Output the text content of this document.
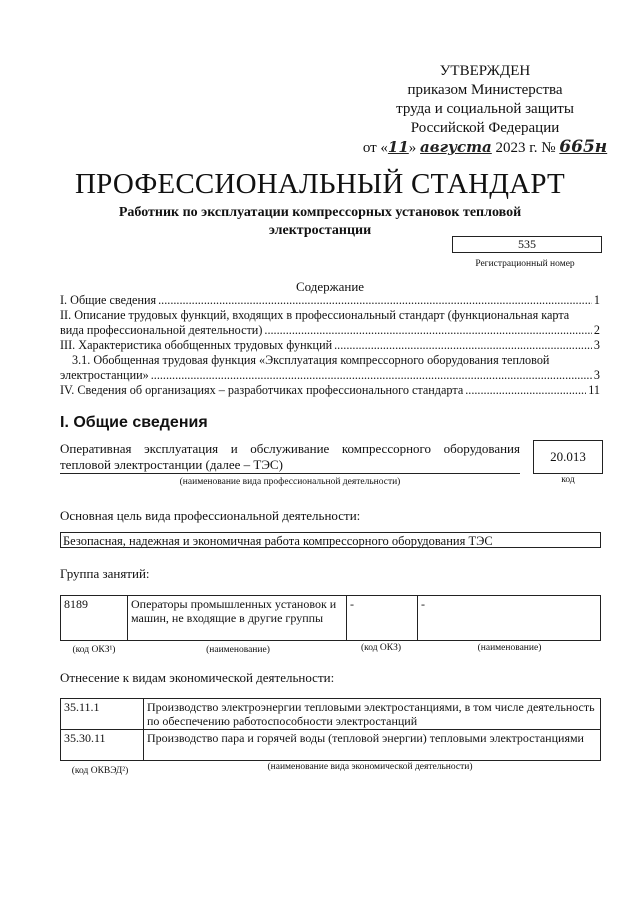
УТВЕРЖДЕН
приказом Министерства
труда и социальной защиты
Российской Федерации
от «11» августа 2023 г. № 665н
ПРОФЕССИОНАЛЬНЫЙ СТАНДАРТ
Работник по эксплуатации компрессорных установок тепловой
электростанции
535
Регистрационный номер
Содержание
I. Общие сведения .....	1
II. Описание трудовых функций, входящих в профессиональный стандарт (функциональная карта
вида профессиональной деятельности) .....	2
III. Характеристика обобщенных трудовых функций .....	3
3.1. Обобщенная трудовая функция «Эксплуатация компрессорного оборудования тепловой
электростанции» .....	3
IV. Сведения об организациях – разработчиках профессионального стандарта .....	11
I. Общие сведения
Оперативная эксплуатация и обслуживание компрессорного оборудования тепловой электростанции (далее – ТЭС)
(наименование вида профессиональной деятельности)
20.013
код
Основная цель вида профессиональной деятельности:
Безопасная, надежная и экономичная работа компрессорного оборудования ТЭС
Группа занятий:
8189	Операторы промышленных установок и машин, не входящие в другие группы	-	-
(код ОКЗ¹)	(наименование)	(код ОКЗ)	(наименование)
Отнесение к видам экономической деятельности:
35.11.1	Производство электроэнергии тепловыми электростанциями, в том числе деятельность по обеспечению работоспособности электростанций
35.30.11	Производство пара и горячей воды (тепловой энергии) тепловыми электростанциями
(код ОКВЭД²)	(наименование вида экономической деятельности)
